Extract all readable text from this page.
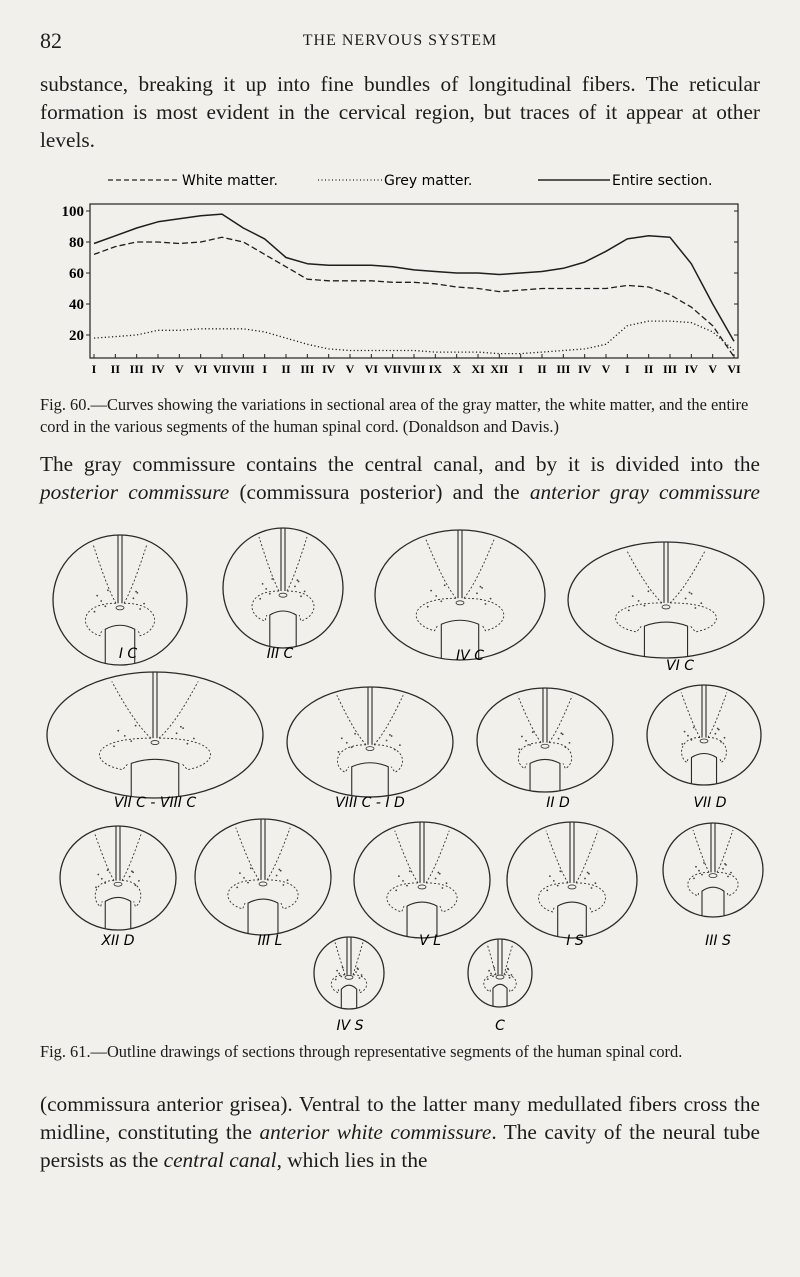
82	THE NERVOUS SYSTEM

substance, breaking it up into fine bundles of longitudinal fibers. The reticular formation is most evident in the cervical region, but traces of it appear at other levels.

White matter.	Grey matter.	Entire section.
100
80
60
40
20
I II III IV V VI VII VIII I II III IV V VI VII VIII IX X XI XII I II III IV V I II III IV V VI

Fig. 60.—Curves showing the variations in sectional area of the gray matter, the white matter, and the entire cord in the various segments of the human spinal cord. (Donaldson and Davis.)

The gray commissure contains the central canal, and by it is divided into the
posterior commissure (commissura posterior) and the anterior gray commissure
I C	III C	IV C
VI C
VII C - VIII C	VIII C - I D	II D	VII D
XII D	III L	V L	I S	III S
IV S	C

Fig. 61.—Outline drawings of sections through representative segments of the human spinal cord.

(commissura anterior grisea). Ventral to the latter many medullated fibers cross the midline, constituting the anterior white commissure. The cavity of the neural tube persists as the central canal, which lies in the
